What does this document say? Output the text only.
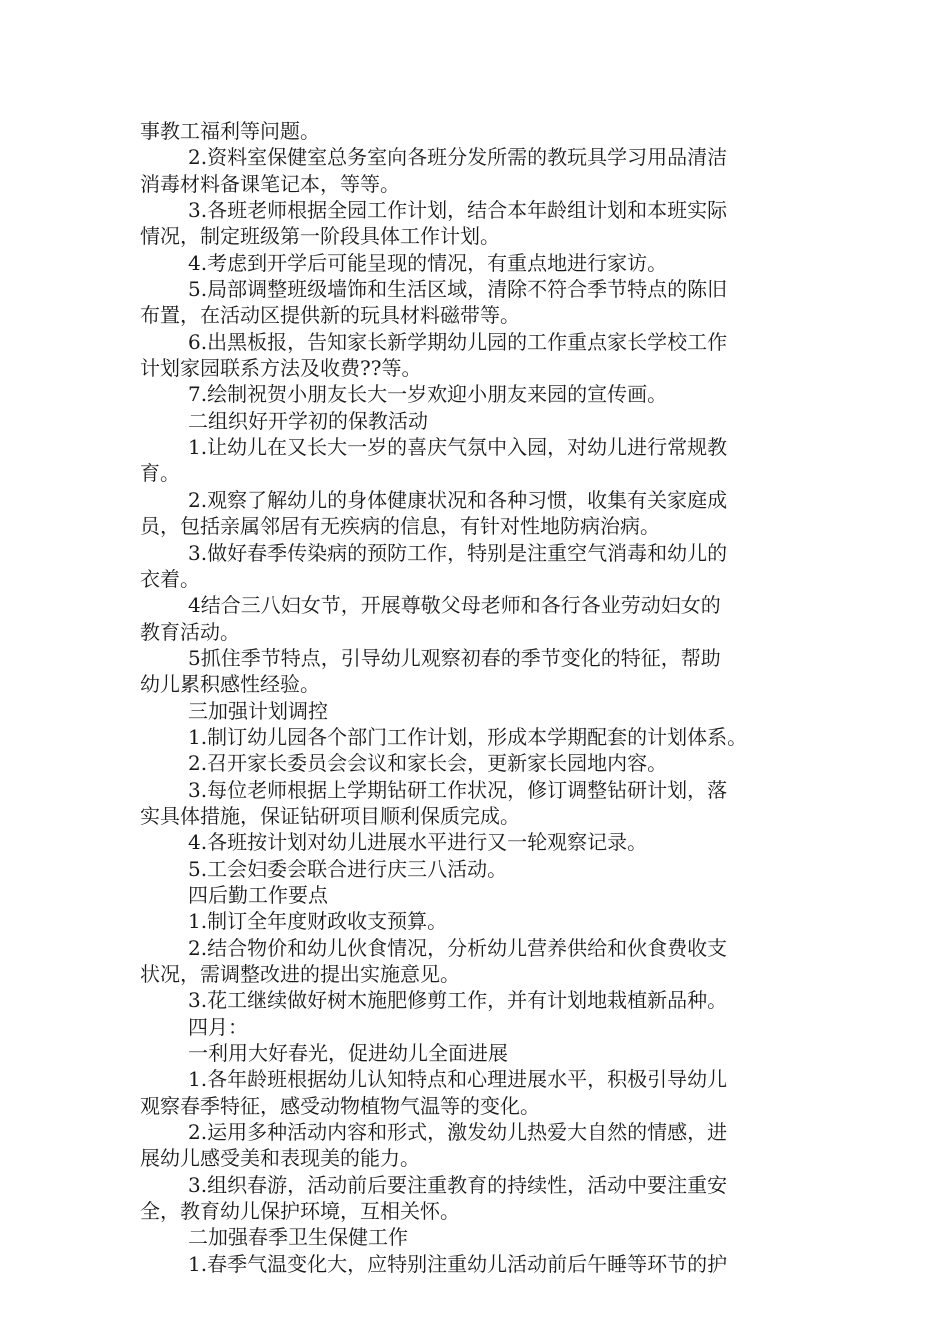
事教工福利等问题。
2.资料室保健室总务室向各班分发所需的教玩具学习用品清洁
消毒材料备课笔记本，等等。
3.各班老师根据全园工作计划，结合本年龄组计划和本班实际
情况，制定班级第一阶段具体工作计划。
4.考虑到开学后可能呈现的情况，有重点地进行家访。
5.局部调整班级墙饰和生活区域，清除不符合季节特点的陈旧
布置，在活动区提供新的玩具材料磁带等。
6.出黑板报，告知家长新学期幼儿园的工作重点家长学校工作
计划家园联系方法及收费??等。
7.绘制祝贺小朋友长大一岁欢迎小朋友来园的宣传画。
二组织好开学初的保教活动
1.让幼儿在又长大一岁的喜庆气氛中入园，对幼儿进行常规教
育。
2.观察了解幼儿的身体健康状况和各种习惯，收集有关家庭成
员，包括亲属邻居有无疾病的信息，有针对性地防病治病。
3.做好春季传染病的预防工作，特别是注重空气消毒和幼儿的
衣着。
4结合三八妇女节，开展尊敬父母老师和各行各业劳动妇女的
教育活动。
5抓住季节特点，引导幼儿观察初春的季节变化的特征，帮助
幼儿累积感性经验。
三加强计划调控
1.制订幼儿园各个部门工作计划，形成本学期配套的计划体系。
2.召开家长委员会会议和家长会，更新家长园地内容。
3.每位老师根据上学期钻研工作状况，修订调整钻研计划，落
实具体措施，保证钻研项目顺利保质完成。
4.各班按计划对幼儿进展水平进行又一轮观察记录。
5.工会妇委会联合进行庆三八活动。
四后勤工作要点
1.制订全年度财政收支预算。
2.结合物价和幼儿伙食情况，分析幼儿营养供给和伙食费收支
状况，需调整改进的提出实施意见。
3.花工继续做好树木施肥修剪工作，并有计划地栽植新品种。
四月：
一利用大好春光，促进幼儿全面进展
1.各年龄班根据幼儿认知特点和心理进展水平，积极引导幼儿
观察春季特征，感受动物植物气温等的变化。
2.运用多种活动内容和形式，激发幼儿热爱大自然的情感，进
展幼儿感受美和表现美的能力。
3.组织春游，活动前后要注重教育的持续性，活动中要注重安
全，教育幼儿保护环境，互相关怀。
二加强春季卫生保健工作
1.春季气温变化大，应特别注重幼儿活动前后午睡等环节的护
